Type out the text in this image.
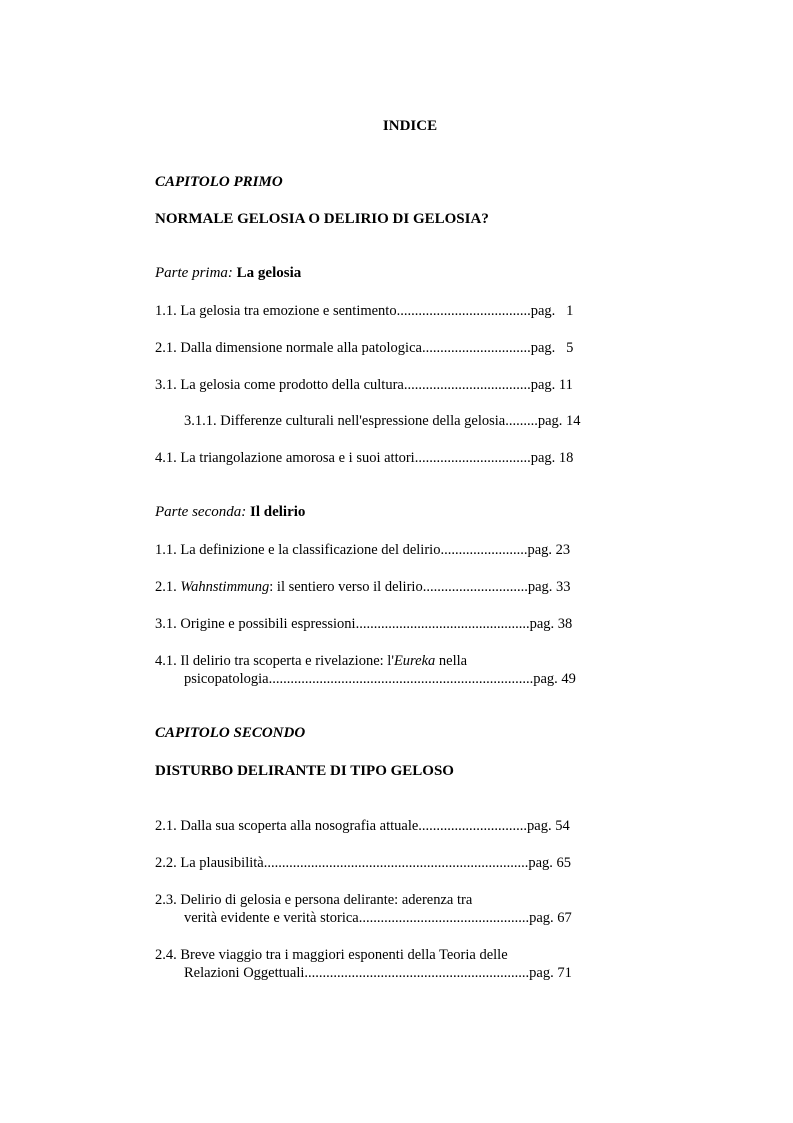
INDICE
CAPITOLO PRIMO
NORMALE GELOSIA O DELIRIO DI GELOSIA?
Parte prima: La gelosia
1.1. La gelosia tra emozione e sentimento.....................................pag.   1
2.1. Dalla dimensione normale alla patologica..............................pag.   5
3.1. La gelosia come prodotto della cultura...................................pag. 11
3.1.1. Differenze culturali nell'espressione della gelosia.........pag. 14
4.1. La triangolazione amorosa e i suoi attori................................pag. 18
Parte seconda: Il delirio
1.1. La definizione e la classificazione del delirio........................pag. 23
2.1. Wahnstimmung: il sentiero verso il delirio.............................pag. 33
3.1. Origine e possibili espressioni................................................pag. 38
4.1. Il delirio tra scoperta e rivelazione: l'Eureka nella
psicopatologia.........................................................................pag. 49
CAPITOLO SECONDO
DISTURBO DELIRANTE DI TIPO GELOSO
2.1. Dalla sua scoperta alla nosografia attuale..............................pag. 54
2.2. La plausibilità.........................................................................pag. 65
2.3. Delirio di gelosia e persona delirante: aderenza tra
verità evidente e verità storica...............................................pag. 67
2.4. Breve viaggio tra i maggiori esponenti della Teoria delle
Relazioni Oggettuali..............................................................pag. 71
